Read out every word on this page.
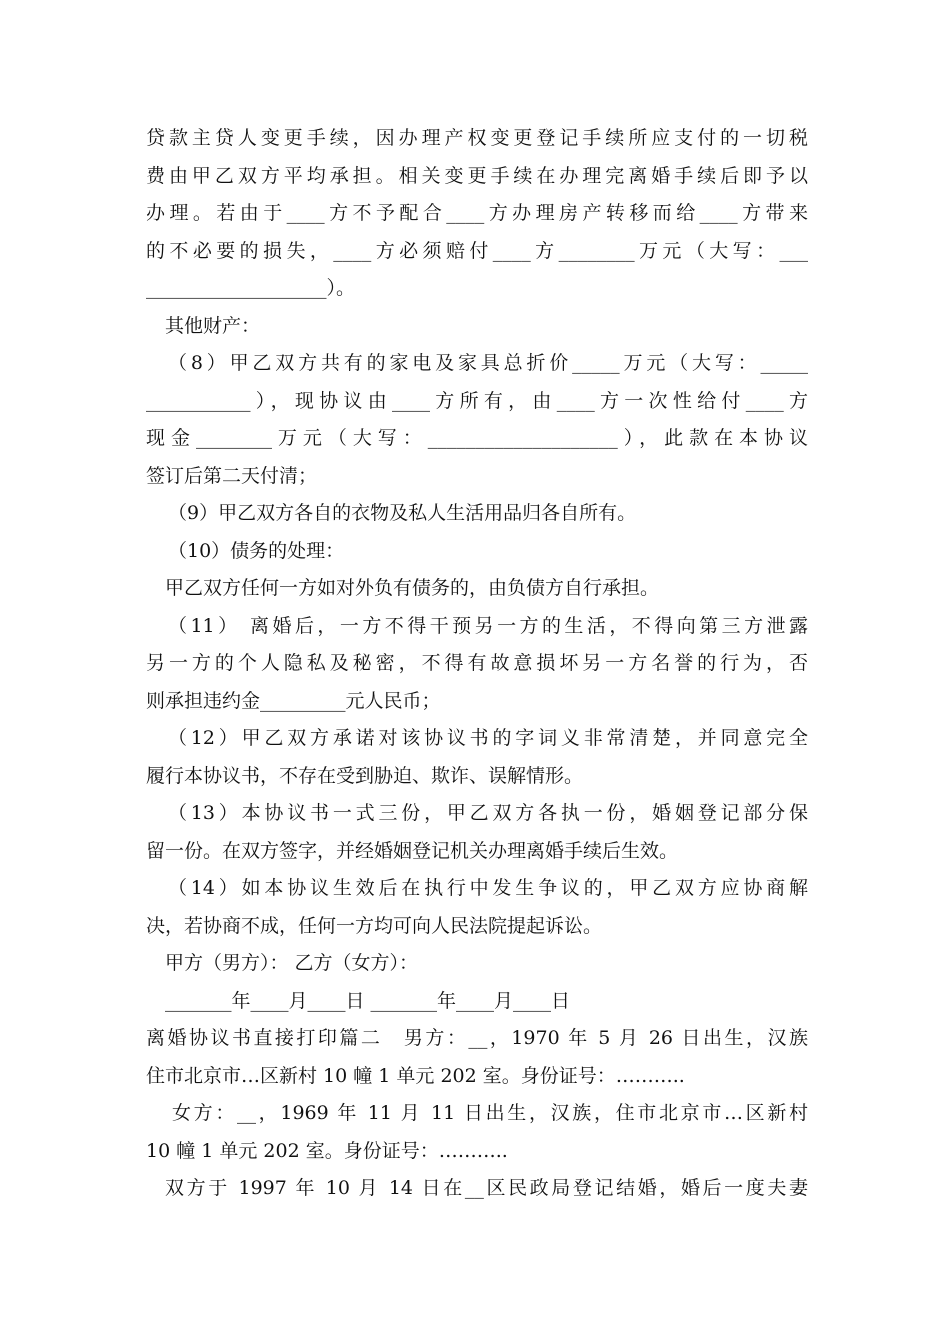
贷款主贷人变更手续，因办理产权变更登记手续所应支付的一切税
费由甲乙双方平均承担。相关变更手续在办理完离婚手续后即予以
办理。若由于____方不予配合____方办理房产转移而给____方带来
的不必要的损失，____方必须赔付____方________万元（大写：___
___________________）。
其他财产：
（8）甲乙双方共有的家电及家具总折价_____万元（大写：_____
___________），现协议由____方所有，由____方一次性给付____方
现金________万元（大写：____________________），此款在本协议
签订后第二天付清；
（9）甲乙双方各自的衣物及私人生活用品归各自所有。
（10）债务的处理：
甲乙双方任何一方如对外负有债务的，由负债方自行承担。
（11） 离婚后，一方不得干预另一方的生活，不得向第三方泄露
另一方的个人隐私及秘密，不得有故意损坏另一方名誉的行为，否
则承担违约金_________元人民币；
（12）甲乙双方承诺对该协议书的字词义非常清楚，并同意完全
履行本协议书，不存在受到胁迫、欺诈、误解情形。
（13）本协议书一式三份，甲乙双方各执一份，婚姻登记部分保
留一份。在双方签字，并经婚姻登记机关办理离婚手续后生效。
（14）如本协议生效后在执行中发生争议的，甲乙双方应协商解
决，若协商不成，任何一方均可向人民法院提起诉讼。
甲方（男方）： 乙方（女方）：
_______年____月____日 _______年____月____日
离婚协议书直接打印篇二　男方：__，1970 年 5 月 26 日出生，汉族
住市北京市…区新村 10 幢 1 单元 202 室。身份证号：………..
女方：__，1969 年 11 月 11 日出生，汉族，住市北京市…区新村
10 幢 1 单元 202 室。身份证号：………..
双方于 1997 年 10 月 14 日在__区民政局登记结婚，婚后一度夫妻
